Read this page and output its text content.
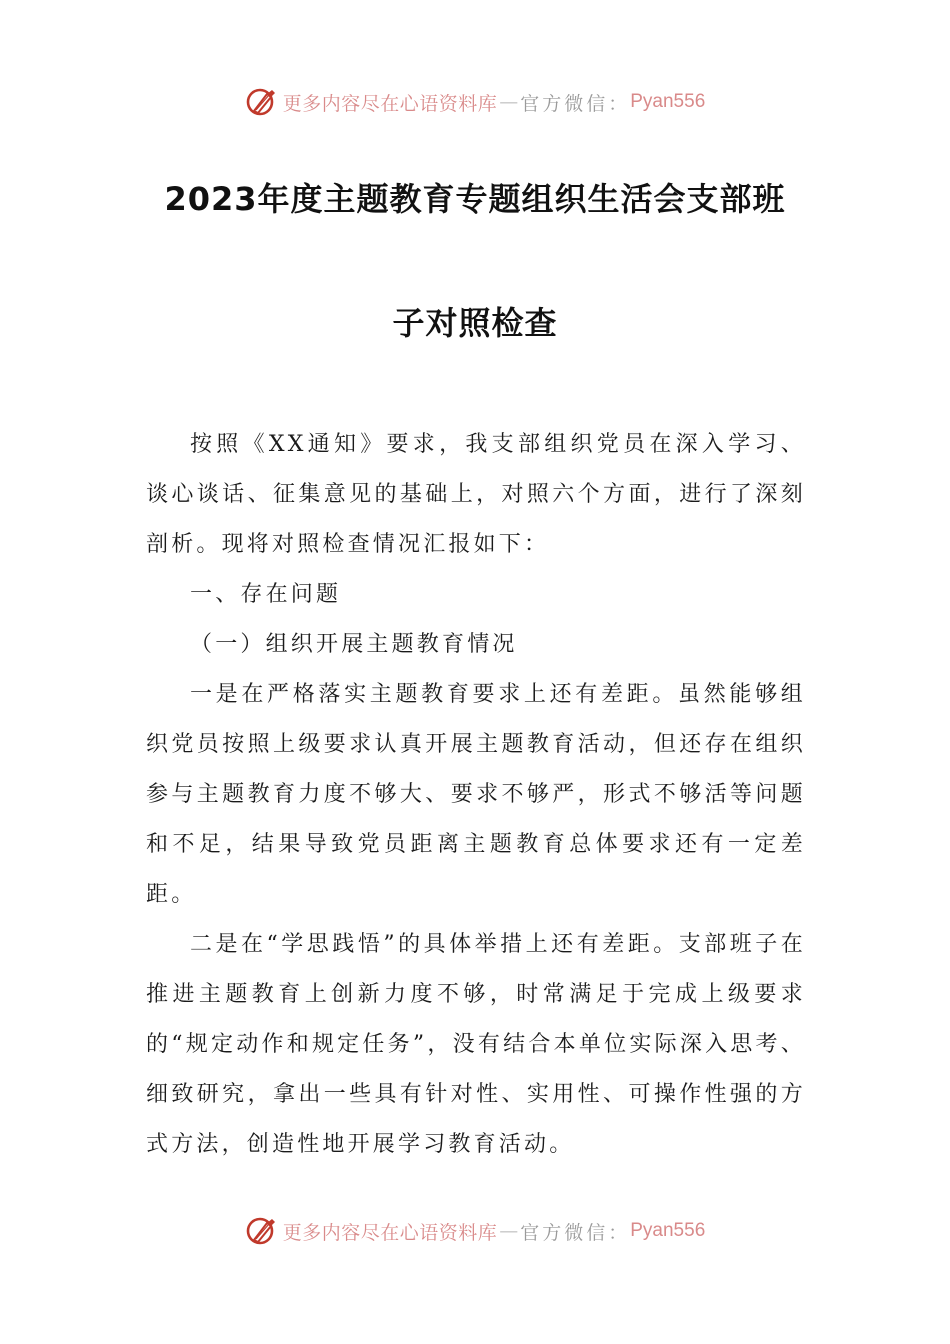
更多内容尽在心语资料库 — 官方微信： Pyan556
2023年度主题教育专题组织生活会支部班
子对照检查

按照《XX通知》要求，我支部组织党员在深入学习、谈心谈话、征集意见的基础上，对照六个方面，进行了深刻剖析。现将对照检查情况汇报如下：

一、存在问题

（一）组织开展主题教育情况

一是在严格落实主题教育要求上还有差距。虽然能够组织党员按照上级要求认真开展主题教育活动，但还存在组织参与主题教育力度不够大、要求不够严，形式不够活等问题和不足，结果导致党员距离主题教育总体要求还有一定差距。

二是在“学思践悟”的具体举措上还有差距。支部班子在推进主题教育上创新力度不够，时常满足于完成上级要求的“规定动作和规定任务”，没有结合本单位实际深入思考、细致研究，拿出一些具有针对性、实用性、可操作性强的方式方法，创造性地开展学习教育活动。

更多内容尽在心语资料库 — 官方微信： Pyan556
